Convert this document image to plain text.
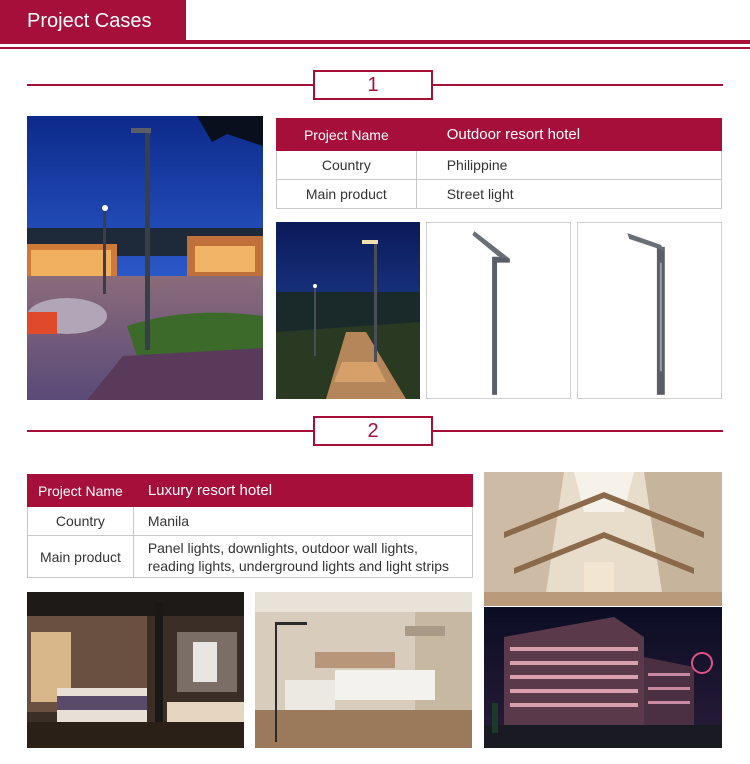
Project Cases
1
Project Name	Outdoor resort hotel
Country	Philippine
Main product	Street light
2
Project Name	Luxury resort hotel
Country	Manila
Main product	Panel lights, downlights, outdoor wall lights,
reading lights, underground lights and light strips
